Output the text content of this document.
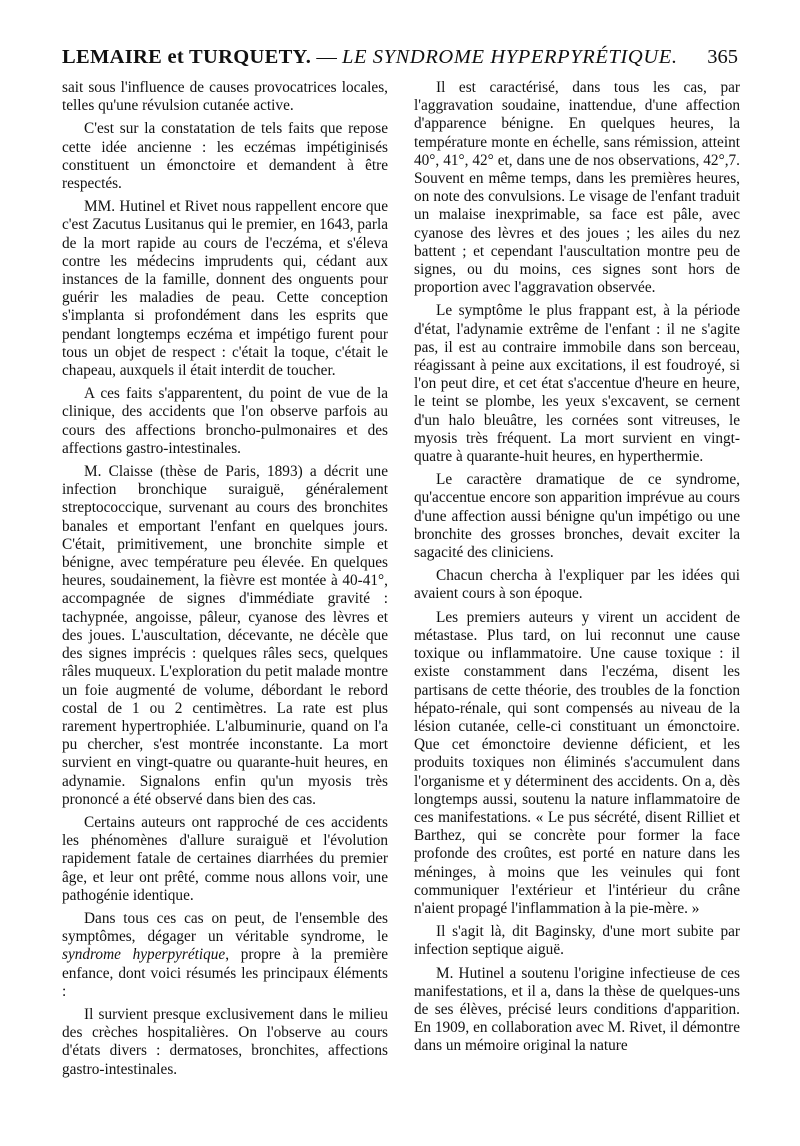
LEMAIRE et TURQUETY. — LE SYNDROME HYPERPYRÉTIQUE. 365

sait sous l'influence de causes provocatrices locales, telles qu'une révulsion cutanée active.

C'est sur la constatation de tels faits que repose cette idée ancienne : les eczémas impétiginisés constituent un émonctoire et demandent à être respectés.

MM. Hutinel et Rivet nous rappellent encore que c'est Zacutus Lusitanus qui le premier, en 1643, parla de la mort rapide au cours de l'eczéma, et s'éleva contre les médecins imprudents qui, cédant aux instances de la famille, donnent des onguents pour guérir les maladies de peau. Cette conception s'implanta si profondément dans les esprits que pendant longtemps eczéma et impétigo furent pour tous un objet de respect : c'était la toque, c'était le chapeau, auxquels il était interdit de toucher.

A ces faits s'apparentent, du point de vue de la clinique, des accidents que l'on observe parfois au cours des affections broncho-pulmonaires et des affections gastro-intestinales.

M. Claisse (thèse de Paris, 1893) a décrit une infection bronchique suraiguë, généralement streptococcique, survenant au cours des bronchites banales et emportant l'enfant en quelques jours. C'était, primitivement, une bronchite simple et bénigne, avec température peu élevée. En quelques heures, soudainement, la fièvre est montée à 40-41°, accompagnée de signes d'immédiate gravité : tachypnée, angoisse, pâleur, cyanose des lèvres et des joues. L'auscultation, décevante, ne décèle que des signes imprécis : quelques râles secs, quelques râles muqueux. L'exploration du petit malade montre un foie augmenté de volume, débordant le rebord costal de 1 ou 2 centimètres. La rate est plus rarement hypertrophiée. L'albuminurie, quand on l'a pu chercher, s'est montrée inconstante. La mort survient en vingt-quatre ou quarante-huit heures, en adynamie. Signalons enfin qu'un myosis très prononcé a été observé dans bien des cas.

Certains auteurs ont rapproché de ces accidents les phénomènes d'allure suraiguë et l'évolution rapidement fatale de certaines diarrhées du premier âge, et leur ont prêté, comme nous allons voir, une pathogénie identique.

Dans tous ces cas on peut, de l'ensemble des symptômes, dégager un véritable syndrome, le syndrome hyperpyrétique, propre à la première enfance, dont voici résumés les principaux éléments :

Il survient presque exclusivement dans le milieu des crèches hospitalières. On l'observe au cours d'états divers : dermatoses, bronchites, affections gastro-intestinales.

Il est caractérisé, dans tous les cas, par l'aggravation soudaine, inattendue, d'une affection d'apparence bénigne. En quelques heures, la température monte en échelle, sans rémission, atteint 40°, 41°, 42° et, dans une de nos observations, 42°,7. Souvent en même temps, dans les premières heures, on note des convulsions. Le visage de l'enfant traduit un malaise inexprimable, sa face est pâle, avec cyanose des lèvres et des joues ; les ailes du nez battent ; et cependant l'auscultation montre peu de signes, ou du moins, ces signes sont hors de proportion avec l'aggravation observée.

Le symptôme le plus frappant est, à la période d'état, l'adynamie extrême de l'enfant : il ne s'agite pas, il est au contraire immobile dans son berceau, réagissant à peine aux excitations, il est foudroyé, si l'on peut dire, et cet état s'accentue d'heure en heure, le teint se plombe, les yeux s'excavent, se cernent d'un halo bleuâtre, les cornées sont vitreuses, le myosis très fréquent. La mort survient en vingt-quatre à quarante-huit heures, en hyperthermie.

Le caractère dramatique de ce syndrome, qu'accentue encore son apparition imprévue au cours d'une affection aussi bénigne qu'un impétigo ou une bronchite des grosses bronches, devait exciter la sagacité des cliniciens.

Chacun chercha à l'expliquer par les idées qui avaient cours à son époque.

Les premiers auteurs y virent un accident de métastase. Plus tard, on lui reconnut une cause toxique ou inflammatoire. Une cause toxique : il existe constamment dans l'eczéma, disent les partisans de cette théorie, des troubles de la fonction hépato-rénale, qui sont compensés au niveau de la lésion cutanée, celle-ci constituant un émonctoire. Que cet émonctoire devienne déficient, et les produits toxiques non éliminés s'accumulent dans l'organisme et y déterminent des accidents. On a, dès longtemps aussi, soutenu la nature inflammatoire de ces manifestations. « Le pus sécrété, disent Rilliet et Barthez, qui se concrète pour former la face profonde des croûtes, est porté en nature dans les méninges, à moins que les veinules qui font communiquer l'extérieur et l'intérieur du crâne n'aient propagé l'inflammation à la pie-mère. »

Il s'agit là, dit Baginsky, d'une mort subite par infection septique aiguë.

M. Hutinel a soutenu l'origine infectieuse de ces manifestations, et il a, dans la thèse de quelques-uns de ses élèves, précisé leurs conditions d'apparition. En 1909, en collaboration avec M. Rivet, il démontre dans un mémoire original la nature
